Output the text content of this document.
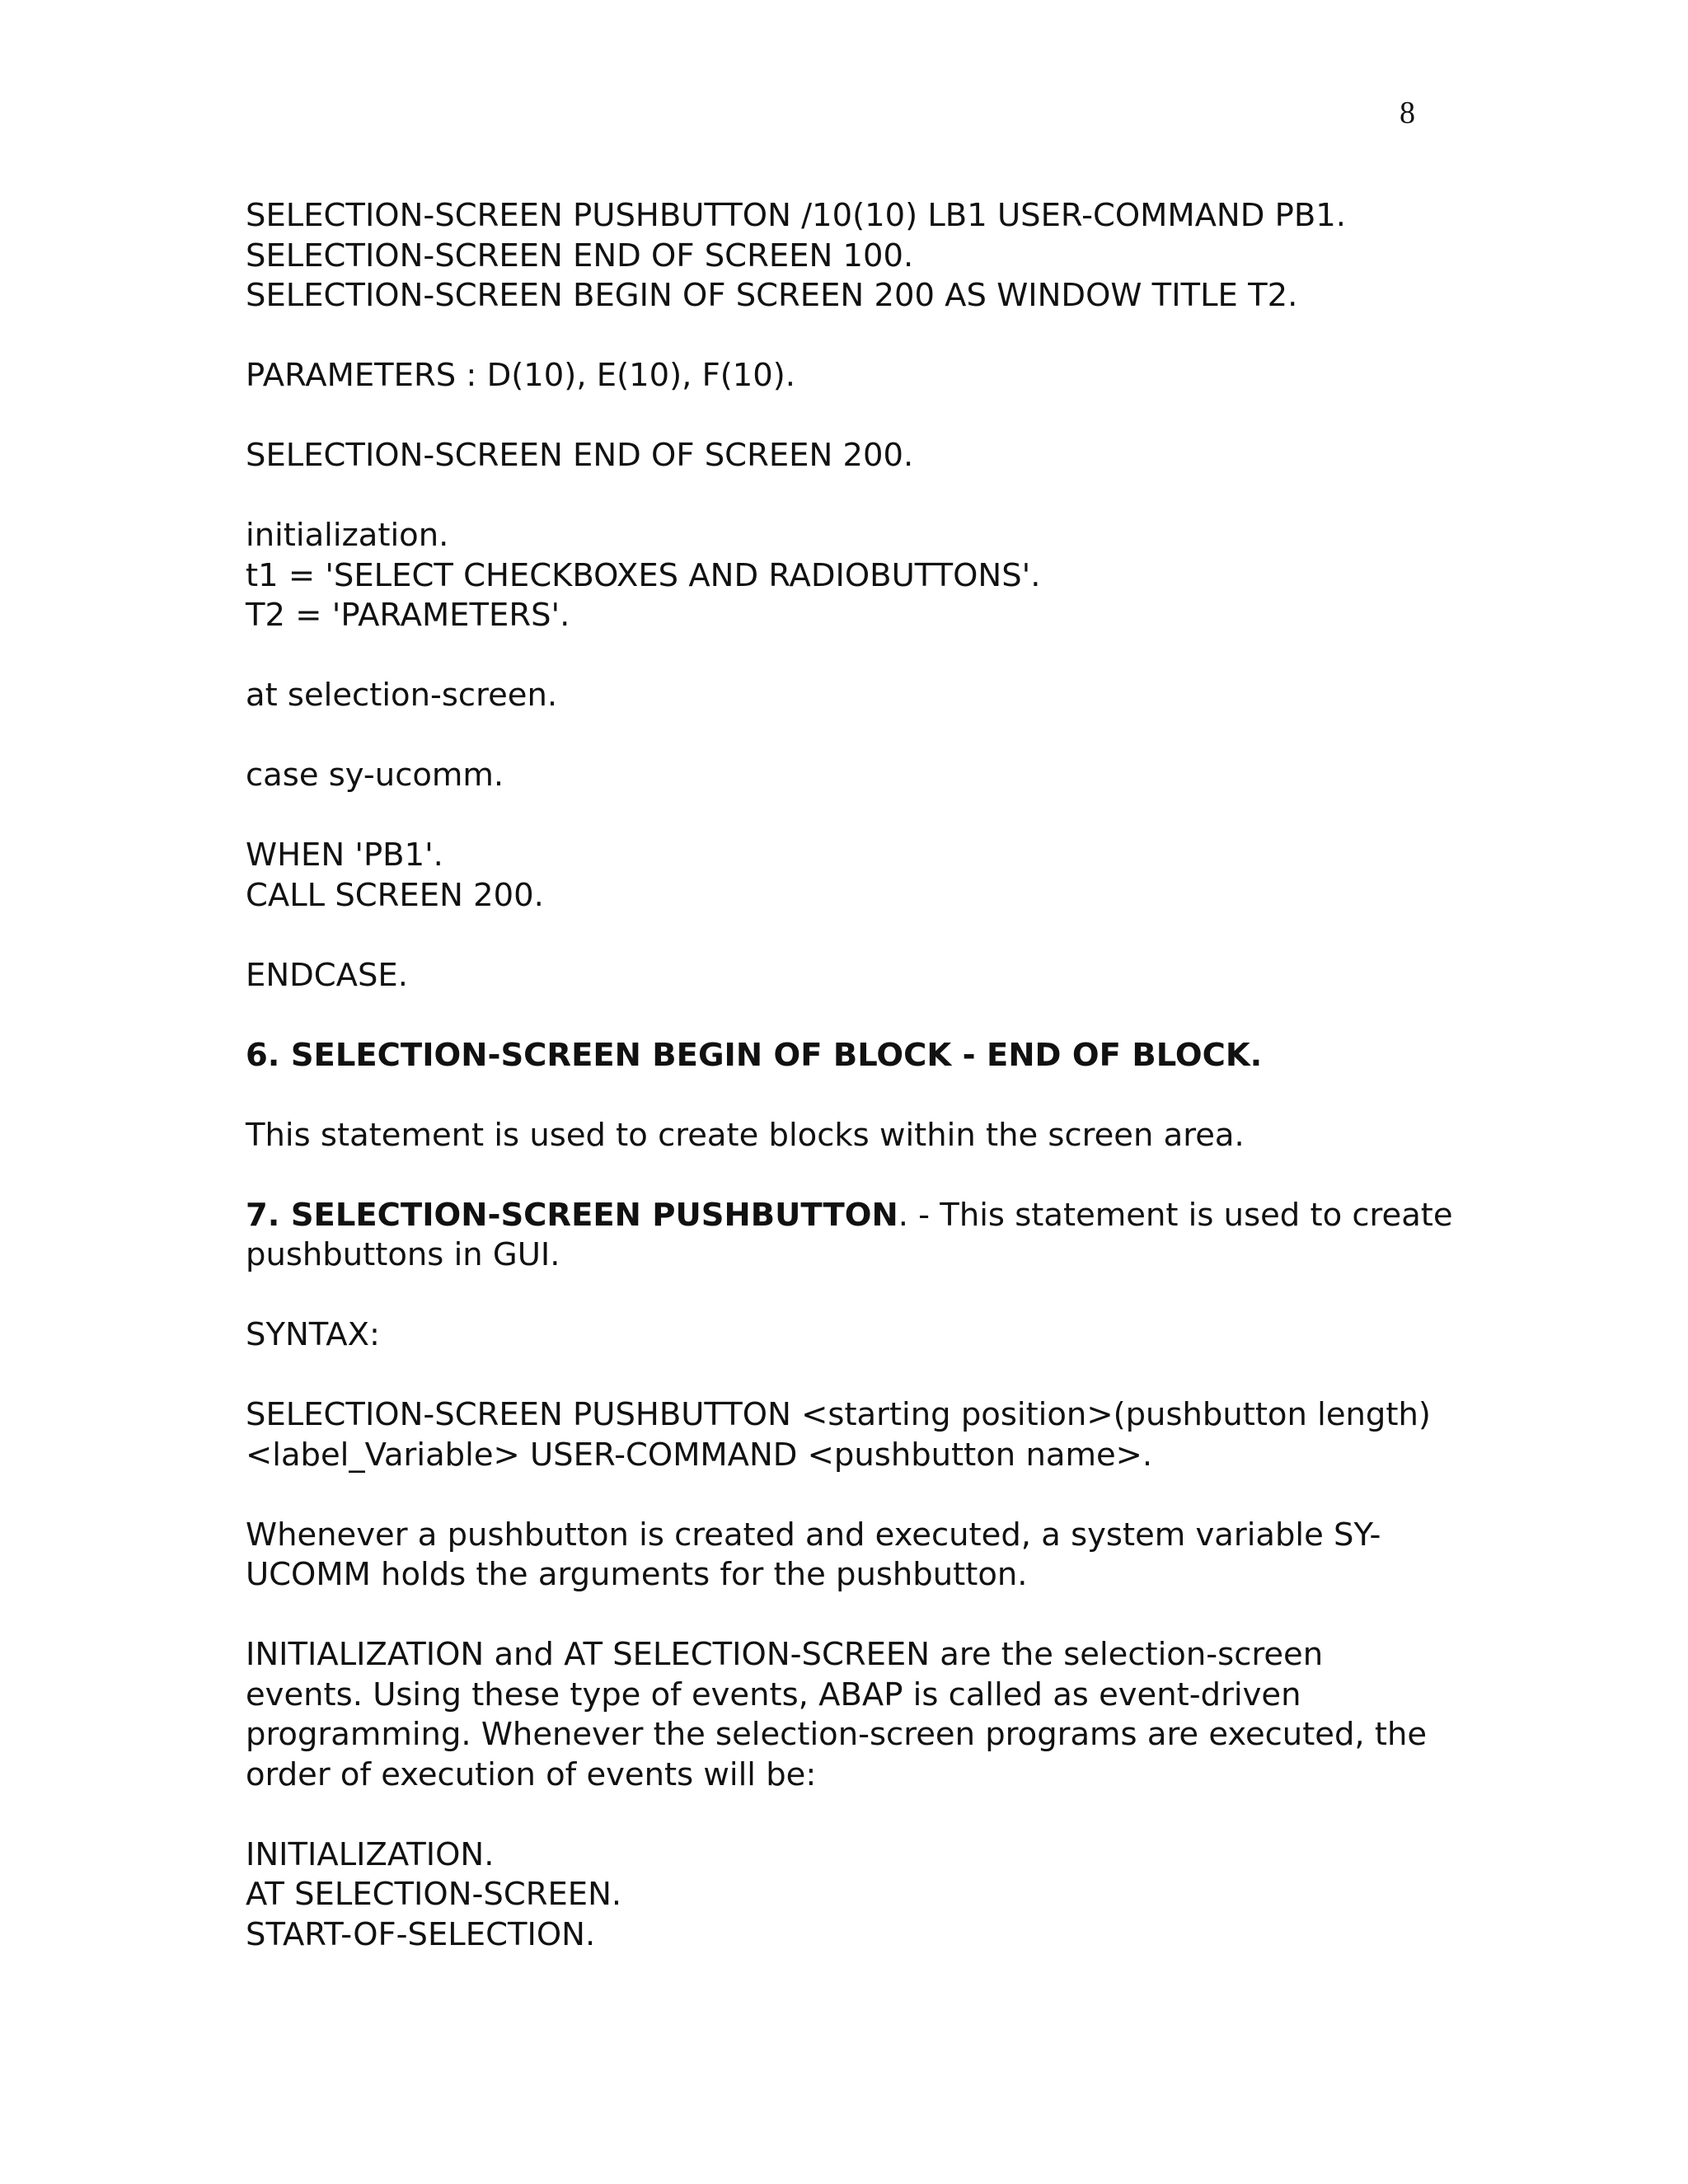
8
SELECTION-SCREEN PUSHBUTTON /10(10) LB1 USER-COMMAND PB1.
SELECTION-SCREEN END OF SCREEN 100.
SELECTION-SCREEN BEGIN OF SCREEN 200 AS WINDOW TITLE T2.
PARAMETERS : D(10), E(10), F(10).
SELECTION-SCREEN END OF SCREEN 200.
initialization.
t1 = 'SELECT CHECKBOXES AND RADIOBUTTONS'.
T2 = 'PARAMETERS'.
at selection-screen.
case sy-ucomm.
WHEN 'PB1'.
CALL SCREEN 200.
ENDCASE.
6. SELECTION-SCREEN BEGIN OF BLOCK - END OF BLOCK.
This statement is used to create blocks within the screen area.
7. SELECTION-SCREEN PUSHBUTTON. - This statement is used to create
pushbuttons in GUI.
SYNTAX:
SELECTION-SCREEN PUSHBUTTON <starting position>(pushbutton length)
<label_Variable> USER-COMMAND <pushbutton name>.
Whenever a pushbutton is created and executed, a system variable SY-
UCOMM holds the arguments for the pushbutton.
INITIALIZATION and AT SELECTION-SCREEN are the selection-screen
events. Using these type of events, ABAP is called as event-driven
programming. Whenever the selection-screen programs are executed, the
order of execution of events will be:
INITIALIZATION.
AT SELECTION-SCREEN.
START-OF-SELECTION.
